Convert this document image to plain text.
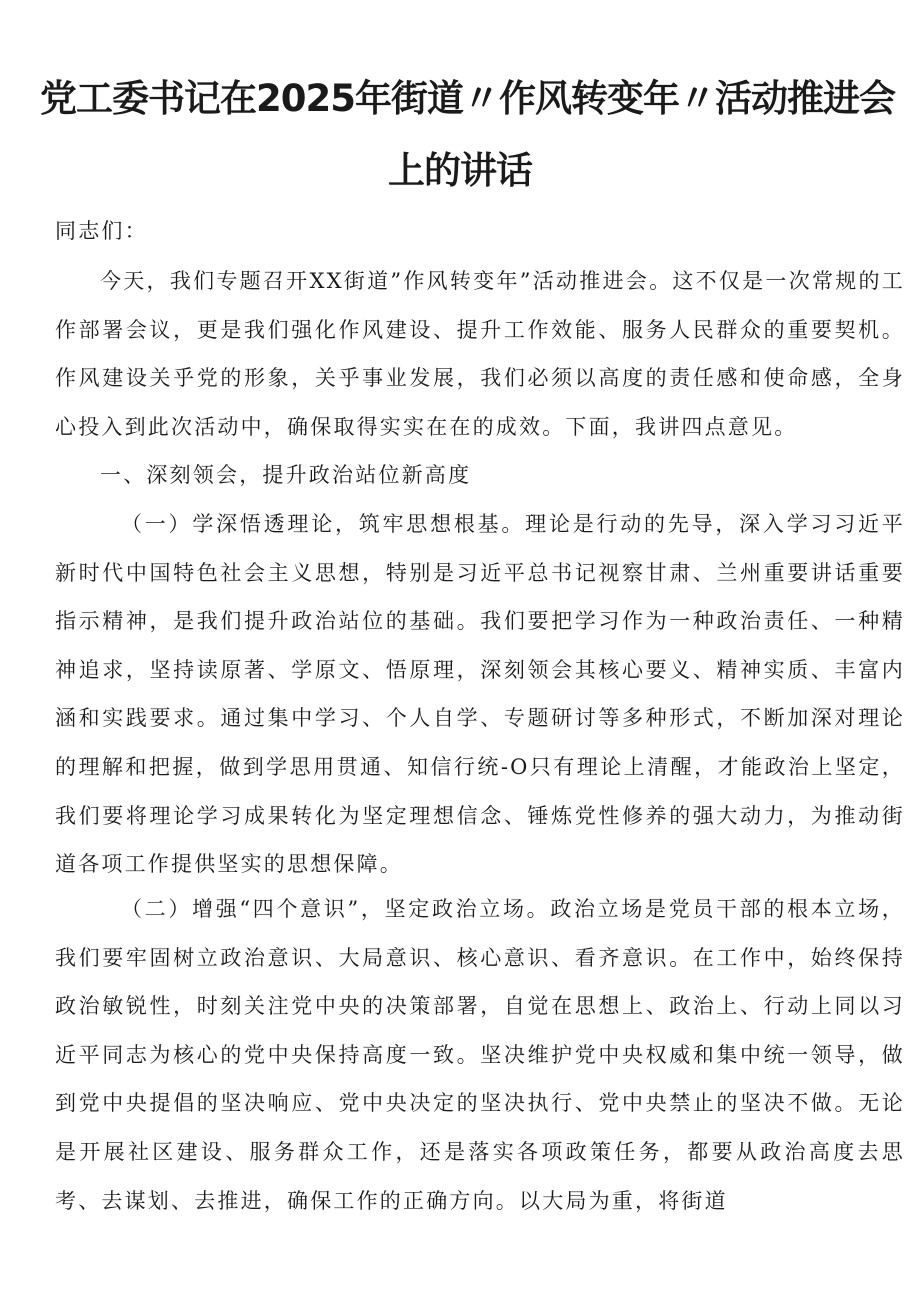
党工委书记在2025年街道〃作风转变年〃活动推进会
上的讲话

同志们：

今天，我们专题召开XX街道”作风转变年”活动推进会。这不仅是一次常规的工作部署会议，更是我们强化作风建设、提升工作效能、服务人民群众的重要契机。作风建设关乎党的形象，关乎事业发展，我们必须以高度的责任感和使命感，全身心投入到此次活动中，确保取得实实在在的成效。下面，我讲四点意见。

一、深刻领会，提升政治站位新高度

（一）学深悟透理论，筑牢思想根基。理论是行动的先导，深入学习习近平新时代中国特色社会主义思想，特别是习近平总书记视察甘肃、兰州重要讲话重要指示精神，是我们提升政治站位的基础。我们要把学习作为一种政治责任、一种精神追求，坚持读原著、学原文、悟原理，深刻领会其核心要义、精神实质、丰富内涵和实践要求。通过集中学习、个人自学、专题研讨等多种形式，不断加深对理论的理解和把握，做到学思用贯通、知信行统-O只有理论上清醒，才能政治上坚定，我们要将理论学习成果转化为坚定理想信念、锤炼党性修养的强大动力，为推动街道各项工作提供坚实的思想保障。

（二）增强“四个意识”，坚定政治立场。政治立场是党员干部的根本立场，我们要牢固树立政治意识、大局意识、核心意识、看齐意识。在工作中，始终保持政治敏锐性，时刻关注党中央的决策部署，自觉在思想上、政治上、行动上同以习近平同志为核心的党中央保持高度一致。坚决维护党中央权威和集中统一领导，做到党中央提倡的坚决响应、党中央决定的坚决执行、党中央禁止的坚决不做。无论是开展社区建设、服务群众工作，还是落实各项政策任务，都要从政治高度去思考、去谋划、去推进，确保工作的正确方向。以大局为重，将街道
